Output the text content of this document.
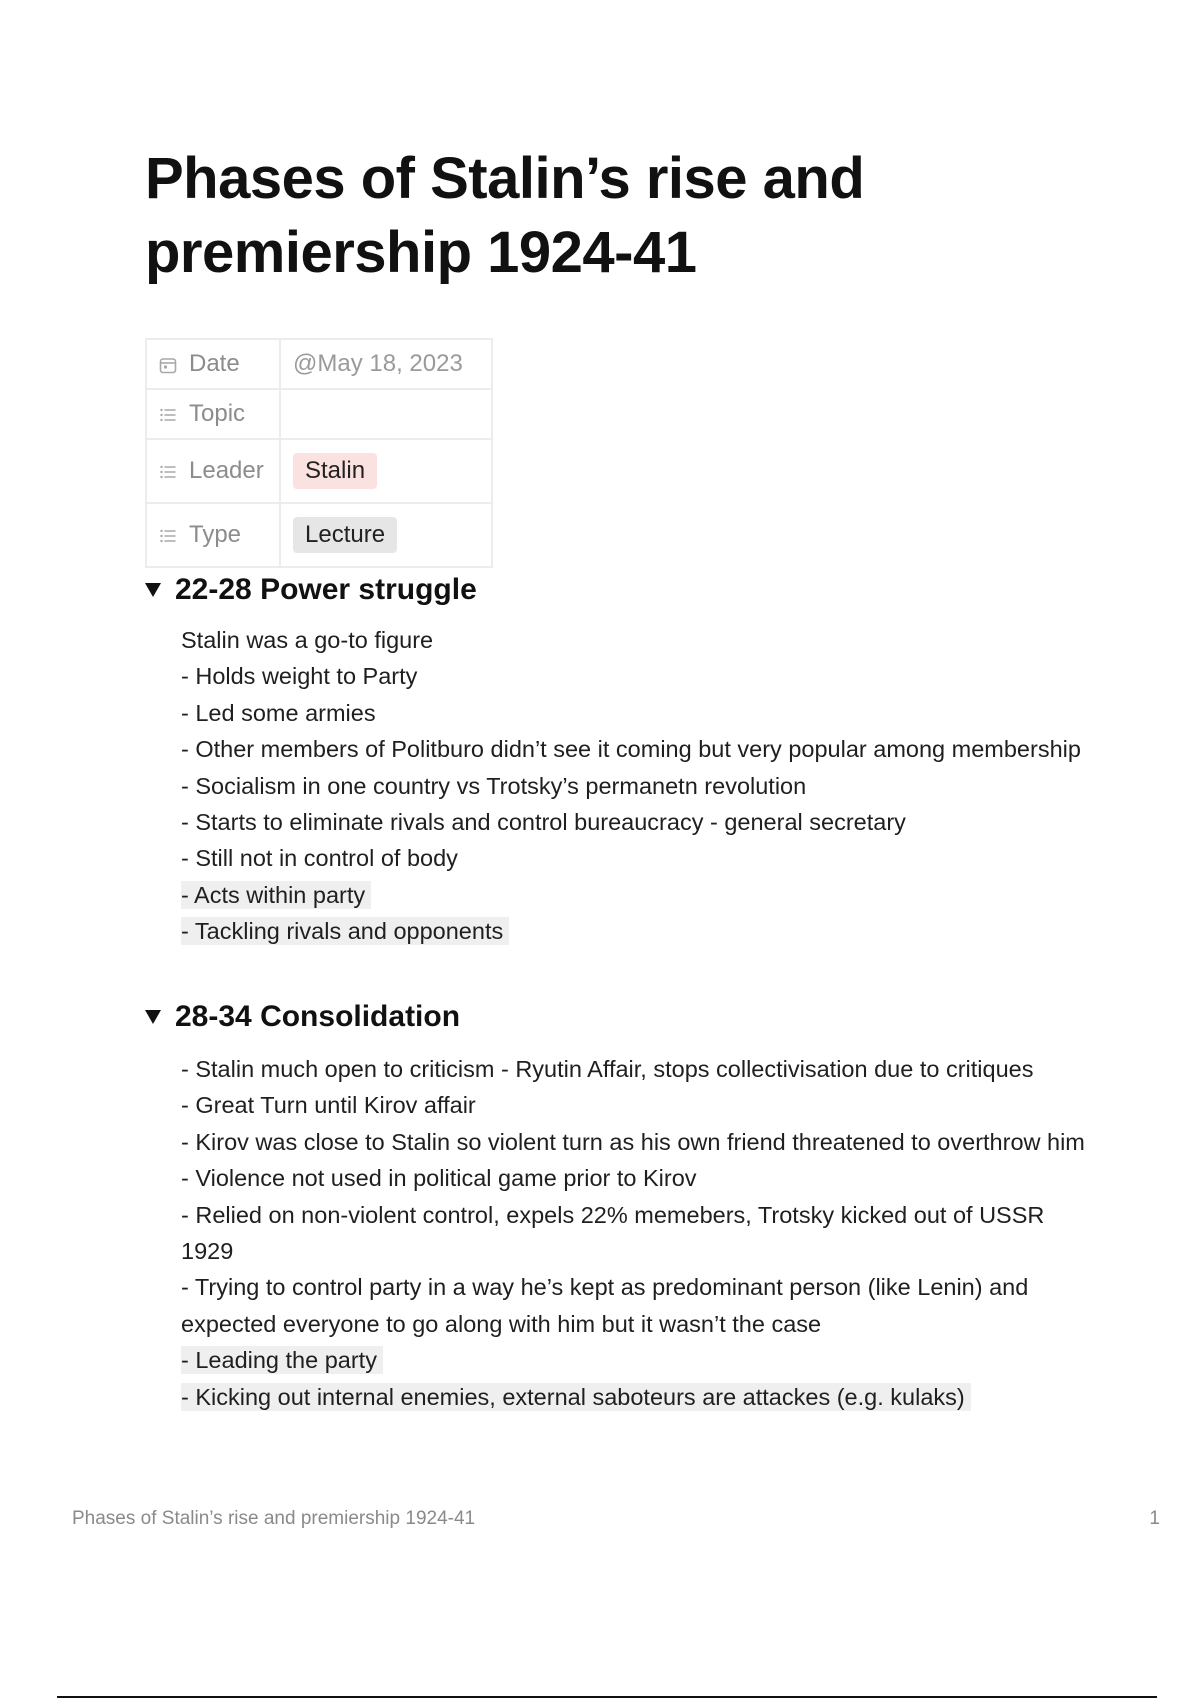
Phases of Stalin’s rise and premiership 1924-41
Date	@May 18, 2023
Topic	
Leader	Stalin
Type	Lecture
22-28 Power struggle
Stalin was a go-to figure
- Holds weight to Party
- Led some armies
- Other members of Politburo didn’t see it coming but very popular among membership
- Socialism in one country vs Trotsky’s permanetn revolution
- Starts to eliminate rivals and control bureaucracy - general secretary
- Still not in control of body
- Acts within party
- Tackling rivals and opponents
28-34 Consolidation
- Stalin much open to criticism - Ryutin Affair, stops collectivisation due to critiques
- Great Turn until Kirov affair
- Kirov was close to Stalin so violent turn as his own friend threatened to overthrow him
- Violence not used in political game prior to Kirov
- Relied on non-violent control, expels 22% memebers, Trotsky kicked out of USSR 1929
- Trying to control party in a way he’s kept as predominant person (like Lenin) and expected everyone to go along with him but it wasn’t the case
- Leading the party
- Kicking out internal enemies, external saboteurs are attackes (e.g. kulaks)
Phases of Stalin’s rise and premiership 1924-41	1
